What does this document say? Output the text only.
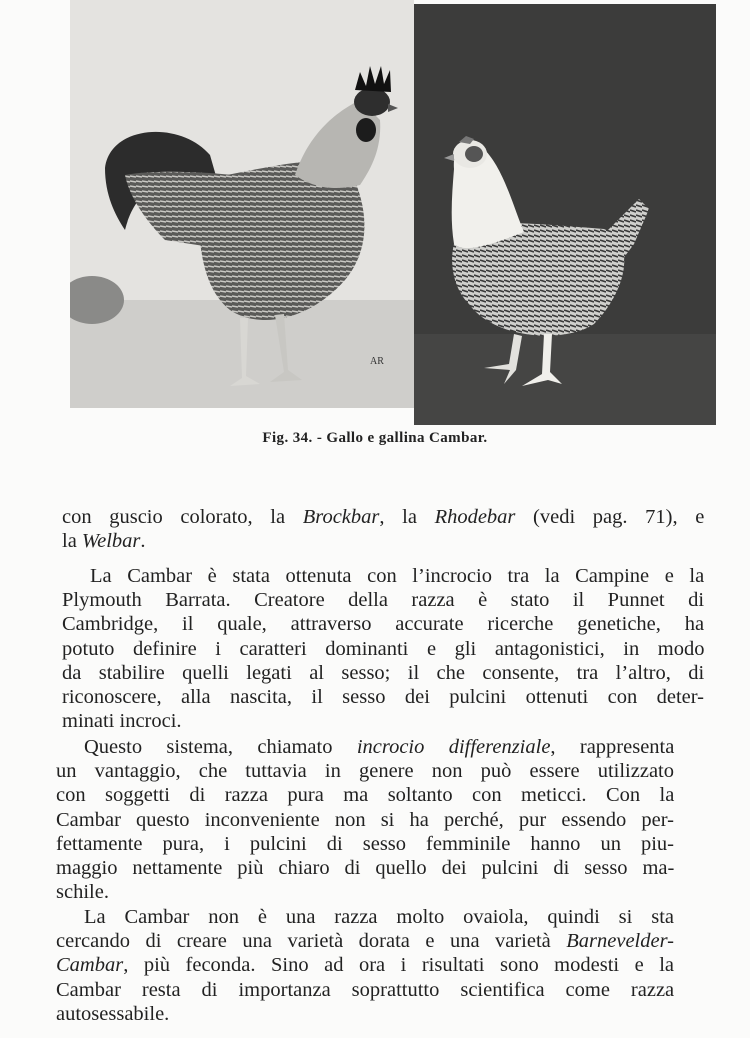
AR
Fig. 34. - Gallo e gallina Cambar.
con guscio colorato, la Brockbar, la Rhodebar (vedi pag. 71), e
la Welbar.
La Cambar è stata ottenuta con l’incrocio tra la Campine e la
Plymouth Barrata. Creatore della razza è stato il Punnet di
Cambridge, il quale, attraverso accurate ricerche genetiche, ha
potuto definire i caratteri dominanti e gli antagonistici, in modo
da stabilire quelli legati al sesso; il che consente, tra l’altro, di
riconoscere, alla nascita, il sesso dei pulcini ottenuti con deter-
minati incroci.
Questo sistema, chiamato incrocio differenziale, rappresenta
un vantaggio, che tuttavia in genere non può essere utilizzato
con soggetti di razza pura ma soltanto con meticci. Con la
Cambar questo inconveniente non si ha perché, pur essendo per-
fettamente pura, i pulcini di sesso femminile hanno un piu-
maggio nettamente più chiaro di quello dei pulcini di sesso ma-
schile.
La Cambar non è una razza molto ovaiola, quindi si sta
cercando di creare una varietà dorata e una varietà Barnevelder-
Cambar, più feconda. Sino ad ora i risultati sono modesti e la
Cambar resta di importanza soprattutto scientifica come razza
autosessabile.
